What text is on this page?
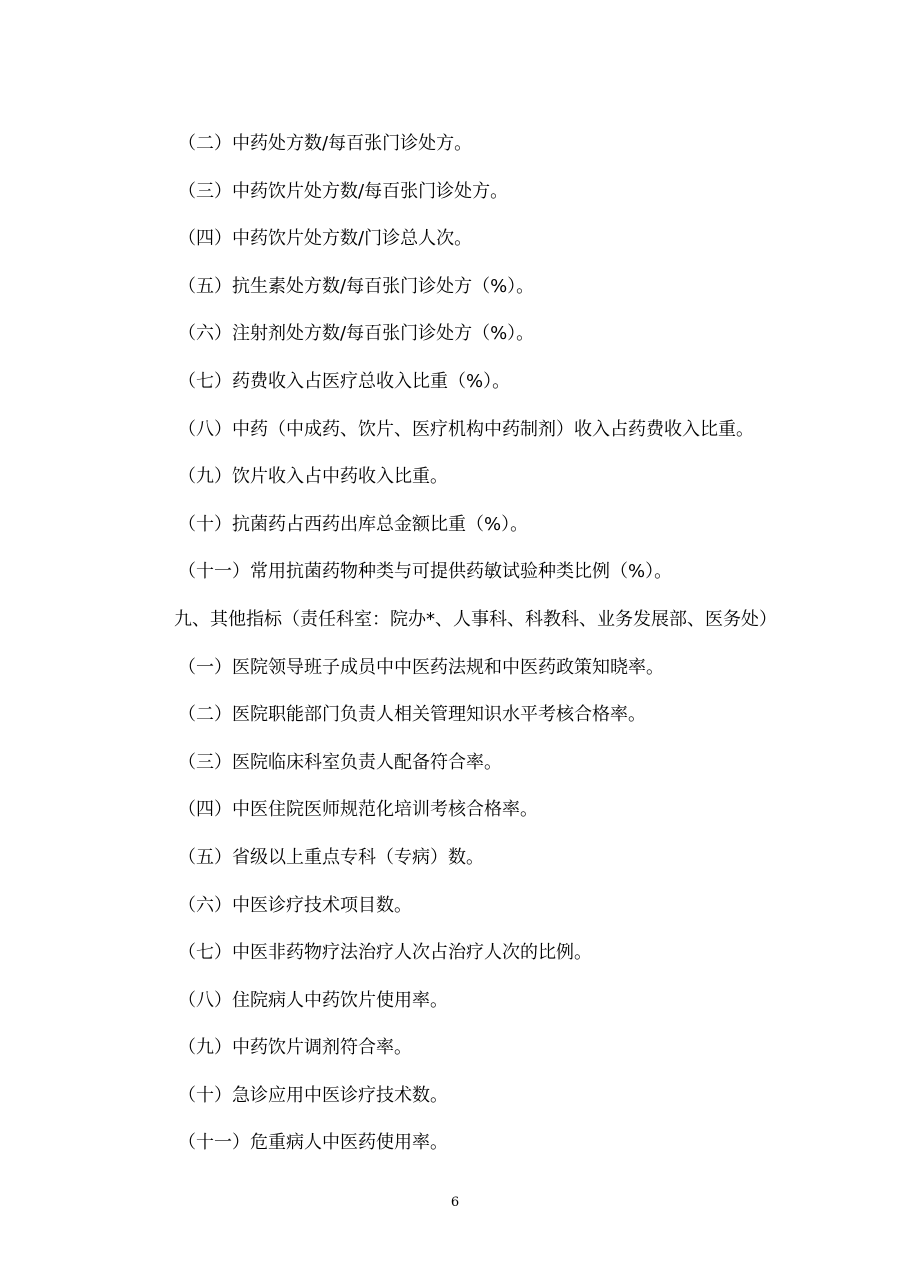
（二）中药处方数/每百张门诊处方。
（三）中药饮片处方数/每百张门诊处方。
（四）中药饮片处方数/门诊总人次。
（五）抗生素处方数/每百张门诊处方（%）。
（六）注射剂处方数/每百张门诊处方（%）。
（七）药费收入占医疗总收入比重（%）。
（八）中药（中成药、饮片、医疗机构中药制剂）收入占药费收入比重。
（九）饮片收入占中药收入比重。
（十）抗菌药占西药出库总金额比重（%）。
（十一）常用抗菌药物种类与可提供药敏试验种类比例（%）。
九、其他指标（责任科室：院办*、人事科、科教科、业务发展部、医务处）
（一）医院领导班子成员中中医药法规和中医药政策知晓率。
（二）医院职能部门负责人相关管理知识水平考核合格率。
（三）医院临床科室负责人配备符合率。
（四）中医住院医师规范化培训考核合格率。
（五）省级以上重点专科（专病）数。
（六）中医诊疗技术项目数。
（七）中医非药物疗法治疗人次占治疗人次的比例。
（八）住院病人中药饮片使用率。
（九）中药饮片调剂符合率。
（十）急诊应用中医诊疗技术数。
（十一）危重病人中医药使用率。
6
